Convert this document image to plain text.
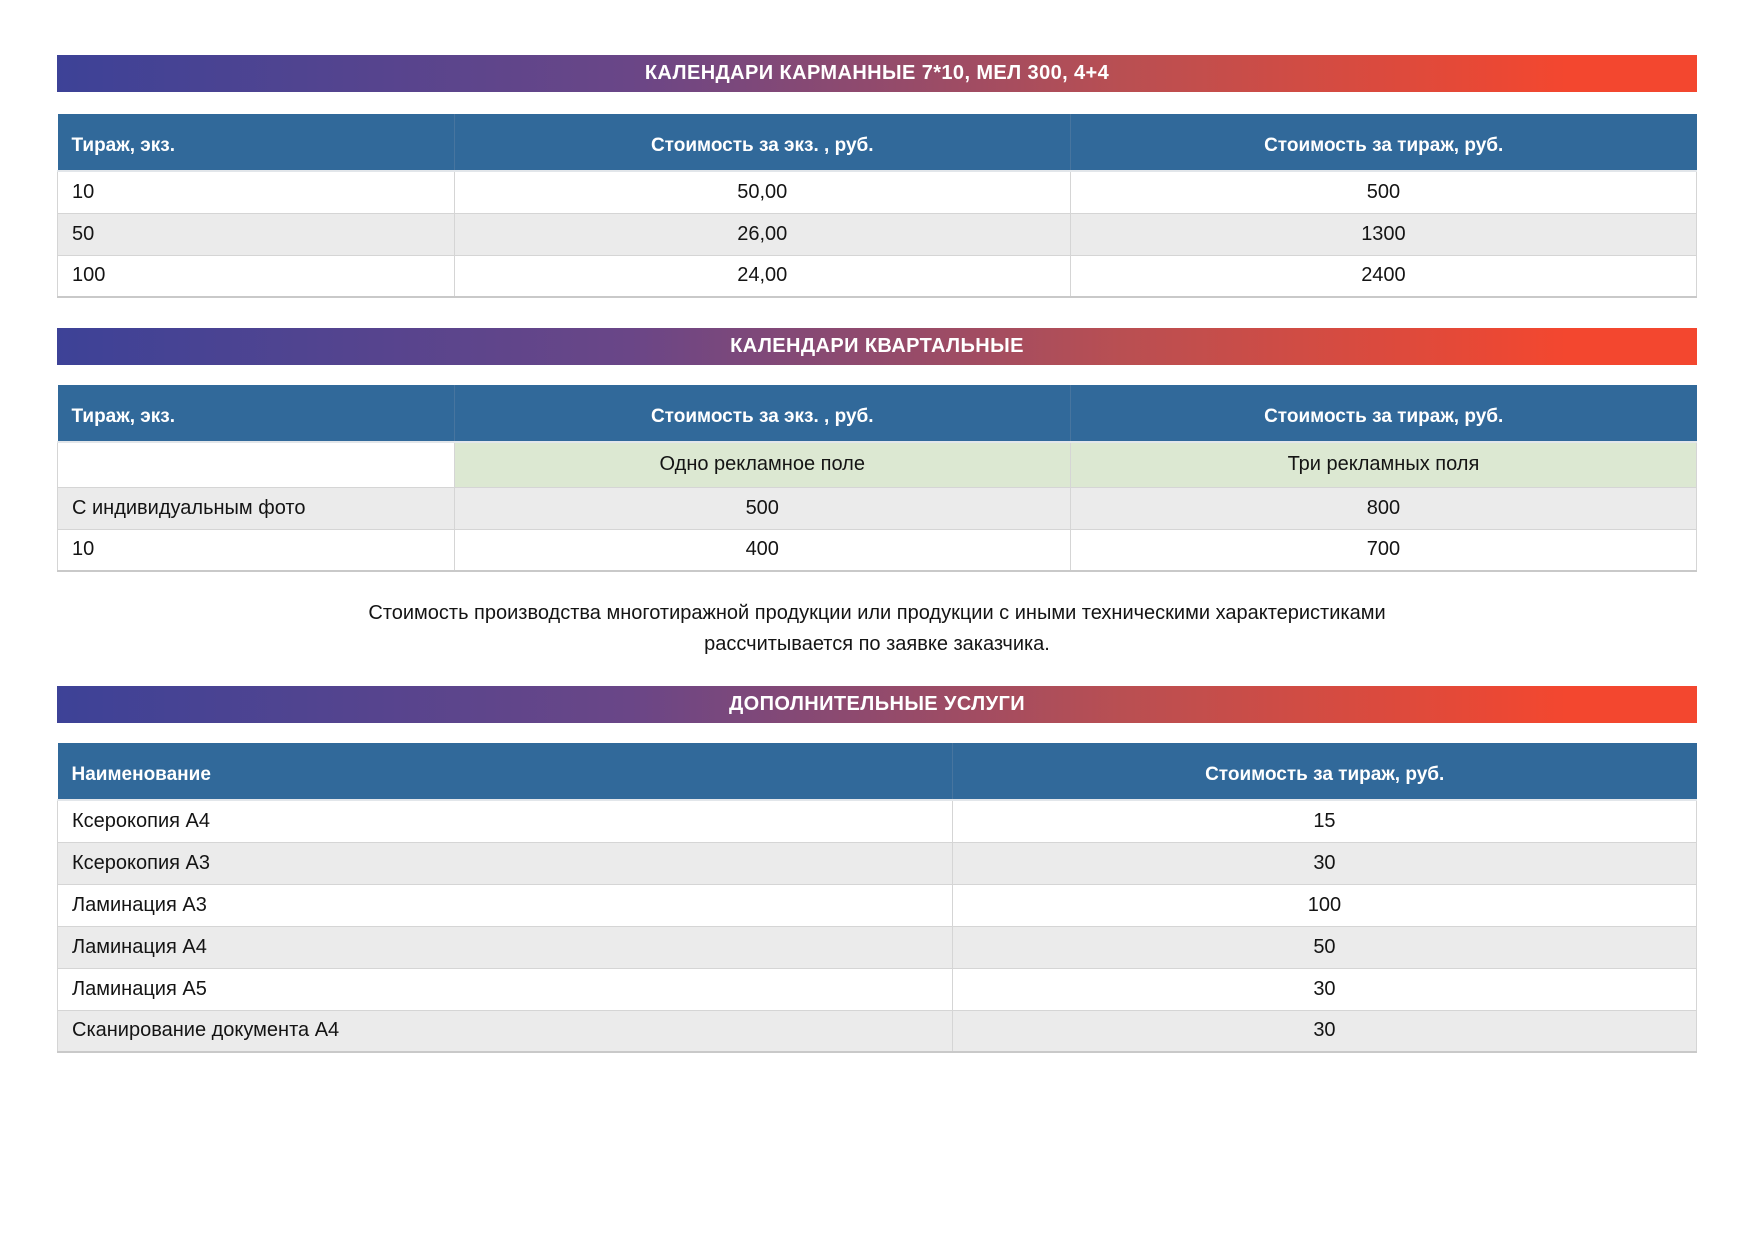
КАЛЕНДАРИ КАРМАННЫЕ 7*10, МЕЛ 300, 4+4
Тираж, экз.	Стоимость за экз. , руб.	Стоимость за тираж, руб.
10	50,00	500
50	26,00	1300
100	24,00	2400
КАЛЕНДАРИ КВАРТАЛЬНЫЕ
Тираж, экз.	Стоимость за экз. , руб.	Стоимость за тираж, руб.
	Одно рекламное поле	Три рекламных поля
С индивидуальным фото	500	800
10	400	700

Стоимость производства многотиражной продукции или продукции с иными техническими характеристиками рассчитывается по заявке заказчика.

ДОПОЛНИТЕЛЬНЫЕ УСЛУГИ
Наименование	Стоимость за тираж, руб.
Ксерокопия А4	15
Ксерокопия А3	30
Ламинация А3	100
Ламинация А4	50
Ламинация А5	30
Сканирование документа А4	30
